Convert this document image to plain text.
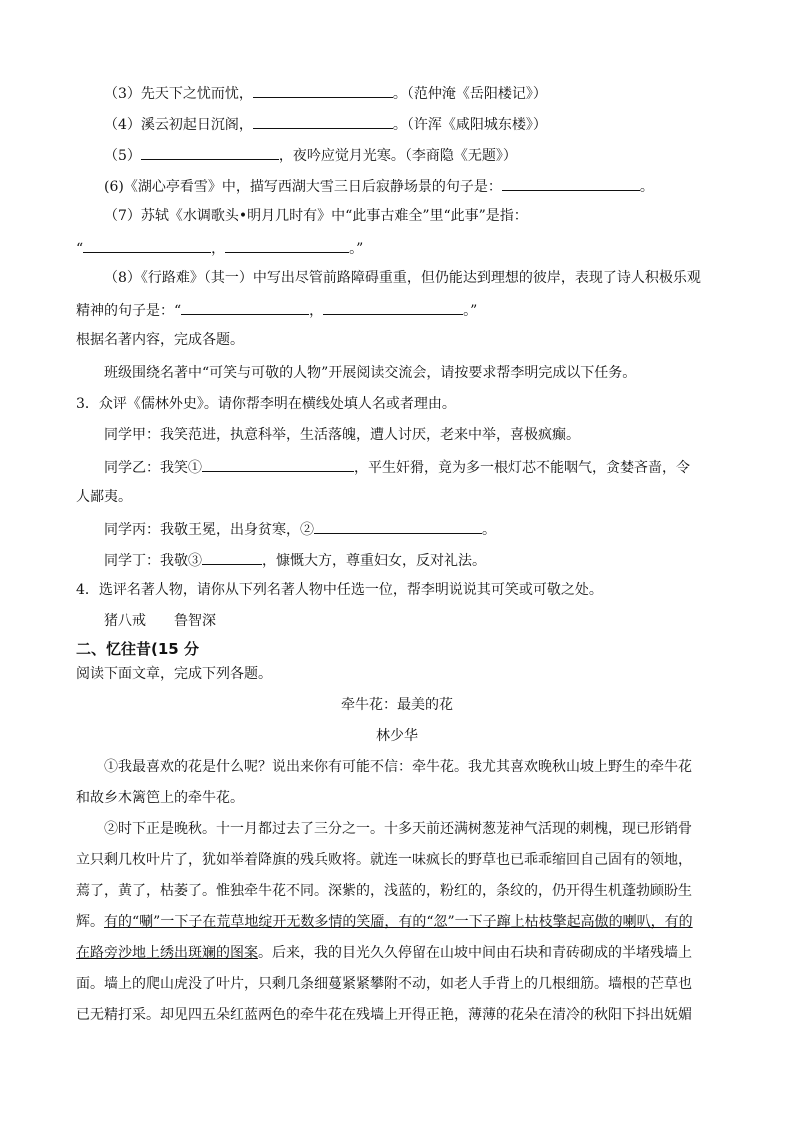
（3）先天下之忧而忧，	。（范仲淹《岳阳楼记》）
（4）溪云初起日沉阁，	。（许浑《咸阳城东楼》）
（5）	，夜吟应觉月光寒。（李商隐《无题》）
(6)《湖心亭看雪》中，描写西湖大雪三日后寂静场景的句子是：	。
（7）苏轼《水调歌头•明月几时有》中“此事古难全”里“此事”是指：
“	，	。”
（8）《行路难》（其一）中写出尽管前路障碍重重，但仍能达到理想的彼岸，表现了诗人积极乐观
精神的句子是：“	，	。”
根据名著内容，完成各题。
班级围绕名著中“可笑与可敬的人物”开展阅读交流会，请按要求帮李明完成以下任务。
3．众评《儒林外史》。请你帮李明在横线处填人名或者理由。
同学甲：我笑范进，执意科举，生活落魄，遭人讨厌，老来中举，喜极疯癫。
同学乙：我笑①	，平生奸猾，竟为多一根灯芯不能咽气，贪婪吝啬，令
人鄙夷。
同学丙：我敬王冕，出身贫寒，②	。
同学丁：我敬③	，慷慨大方，尊重妇女，反对礼法。
4．选评名著人物，请你从下列名著人物中任选一位，帮李明说说其可笑或可敬之处。
猪八戒　　鲁智深
二、忆往昔(15 分
阅读下面文章，完成下列各题。
牵牛花：最美的花
林少华
①我最喜欢的花是什么呢？说出来你有可能不信：牵牛花。我尤其喜欢晚秋山坡上野生的牵牛花
和故乡木篱笆上的牵牛花。
②时下正是晚秋。十一月都过去了三分之一。十多天前还满树葱茏神气活现的刺槐，现已形销骨
立只剩几枚叶片了，犹如举着降旗的残兵败将。就连一味疯长的野草也已乖乖缩回自己固有的领地，
蔫了，黄了，枯萎了。惟独牵牛花不同。深紫的，浅蓝的，粉红的，条纹的，仍开得生机蓬勃顾盼生
辉。有的“唰”一下子在荒草地绽开无数多情的笑靥，有的“忽”一下子蹿上枯枝擎起高傲的喇叭，有的
在路旁沙地上绣出斑斓的图案。后来，我的目光久久停留在山坡中间由石块和青砖砌成的半堵残墙上
面。墙上的爬山虎没了叶片，只剩几条细蔓紧紧攀附不动，如老人手背上的几根细筋。墙根的芒草也
已无精打采。却见四五朵红蓝两色的牵牛花在残墙上开得正艳，薄薄的花朵在清冷的秋阳下抖出妩媚
